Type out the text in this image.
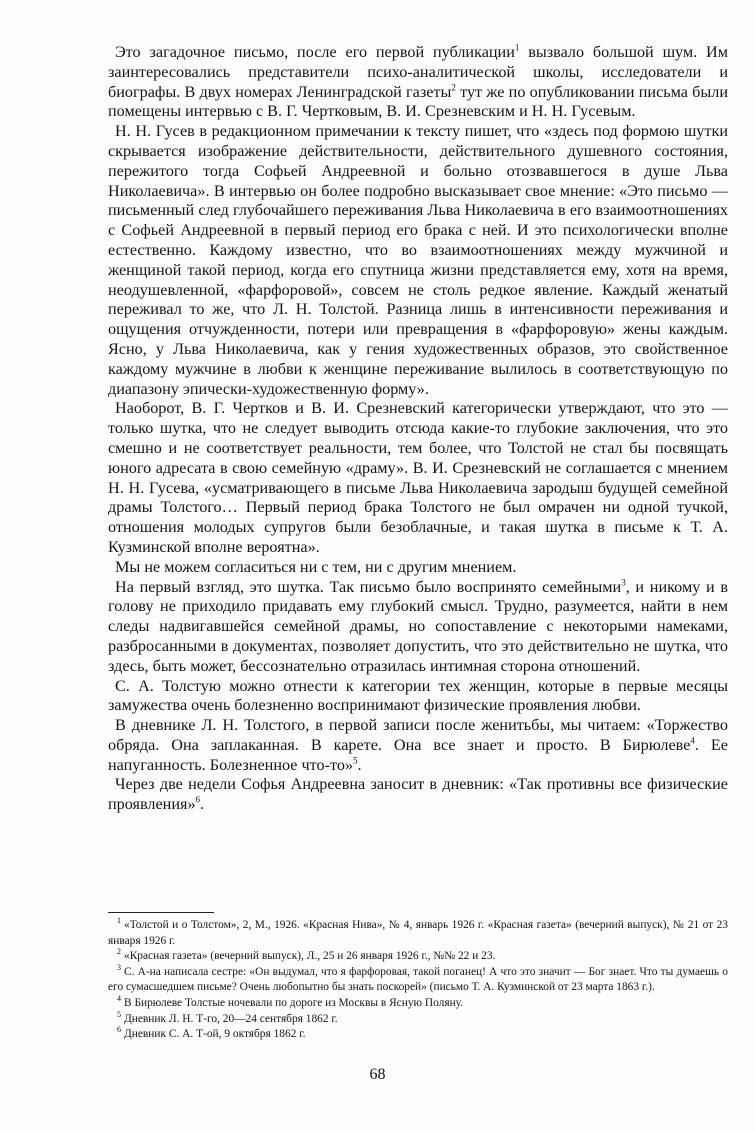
Это загадочное письмо, после его первой публикации$^1$ вызвало большой шум. Им заинтересовались представители психо-аналитической школы, исследователи и биографы. В двух номерах Ленинградской газеты$^2$ тут же по опубликовании письма были помещены интервью с В. Г. Чертковым, В. И. Срезневским и Н. Н. Гусевым.

Н. Н. Гусев в редакционном примечании к тексту пишет, что «здесь под формою шутки скрывается изображение действительности, действительного душевного состояния, пережитого тогда Софьей Андреевной и больно отозвавшегося в душе Льва Николаевича». В интервью он более подробно высказывает свое мнение: «Это письмо — письменный след глубочайшего переживания Льва Николаевича в его взаимоотношениях с Софьей Андреевной в первый период его брака с ней. И это психологически вполне естественно. Каждому известно, что во взаимоотношениях между мужчиной и женщиной такой период, когда его спутница жизни представляется ему, хотя на время, неодушевленной, «фарфоровой», совсем не столь редкое явление. Каждый женатый переживал то же, что Л. Н. Толстой. Разница лишь в интенсивности переживания и ощущения отчужденности, потери или превращения в «фарфоровую» жены каждым. Ясно, у Льва Николаевича, как у гения художественных образов, это свойственное каждому мужчине в любви к женщине переживание вылилось в соответствующую по диапазону эпически-художественную форму».

Наоборот, В. Г. Чертков и В. И. Срезневский категорически утверждают, что это — только шутка, что не следует выводить отсюда какие-то глубокие заключения, что это смешно и не соответствует реальности, тем более, что Толстой не стал бы посвящать юного адресата в свою семейную «драму». В. И. Срезневский не соглашается с мнением Н. Н. Гусева, «усматривающего в письме Льва Николаевича зародыш будущей семейной драмы Толстого… Первый период брака Толстого не был омрачен ни одной тучкой, отношения молодых супругов были безоблачные, и такая шутка в письме к Т. А. Кузминской вполне вероятна».

Мы не можем согласиться ни с тем, ни с другим мнением.

На первый взгляд, это шутка. Так письмо было воспринято семейными$^3$, и никому и в голову не приходило придавать ему глубокий смысл. Трудно, разумеется, найти в нем следы надвигавшейся семейной драмы, но сопоставление с некоторыми намеками, разбросанными в документах, позволяет допустить, что это действительно не шутка, что здесь, быть может, бессознательно отразилась интимная сторона отношений.

С. А. Толстую можно отнести к категории тех женщин, которые в первые месяцы замужества очень болезненно воспринимают физические проявления любви.

В дневнике Л. Н. Толстого, в первой записи после женитьбы, мы читаем: «Торжество обряда. Она заплаканная. В карете. Она все знает и просто. В Бирюлеве$^4$. Ее напуганность. Болезненное что-то»$^5$.

Через две недели Софья Андреевна заносит в дневник: «Так противны все физические проявления»$^6$.

$^1$ «Толстой и о Толстом», 2, М., 1926. «Красная Нива», № 4, январь 1926 г. «Красная газета» (вечерний выпуск), № 21 от 23 января 1926 г.

$^2$ «Красная газета» (вечерний выпуск), Л., 25 и 26 января 1926 г., №№ 22 и 23.

$^3$ С. А-на написала сестре: «Он выдумал, что я фарфоровая, такой поганец! А что это значит — Бог знает. Что ты думаешь о его сумасшедшем письме? Очень любопытно бы знать поскорей» (письмо Т. А. Кузминской от 23 марта 1863 г.).

$^4$ В Бирюлеве Толстые ночевали по дороге из Москвы в Ясную Поляну.

$^5$ Дневник Л. Н. Т-го, 20—24 сентября 1862 г.

$^6$ Дневник С. А. Т-ой, 9 октября 1862 г.

68
